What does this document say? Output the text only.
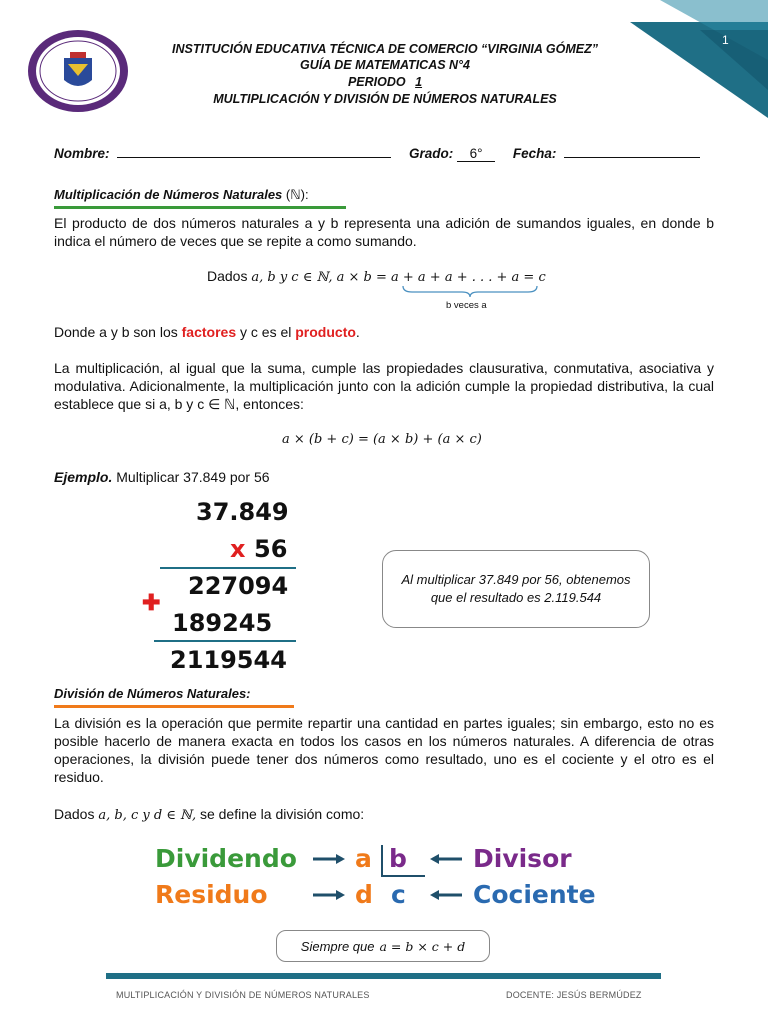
1
INSTITUCIÓN EDUCATIVA TÉCNICA DE COMERCIO “VIRGINIA GÓMEZ”
GUÍA DE MATEMATICAS N°4
PERIODO 1
MULTIPLICACIÓN Y DIVISIÓN DE NÚMEROS NATURALES
Nombre:	Grado: 6° Fecha:
Multiplicación de Números Naturales (ℕ):
El producto de dos números naturales a y b representa una adición de sumandos iguales, en donde b indica el número de veces que se repite a como sumando.
Dados a, b y c ∈ ℕ, a × b = a + a + a + . . . + a = c
b veces a
Donde a y b son los factores y c es el producto.
La multiplicación, al igual que la suma, cumple las propiedades clausurativa, conmutativa, asociativa y modulativa. Adicionalmente, la multiplicación junto con la adición cumple la propiedad distributiva, la cual establece que si a, b y c ∈ ℕ, entonces:
a × (b + c) = (a × b) + (a × c)
Ejemplo. Multiplicar 37.849 por 56
37.849
x 56
227094
✚
189245
2119544
Al multiplicar 37.849 por 56, obtenemos que el resultado es 2.119.544
División de Números Naturales:
La división es la operación que permite repartir una cantidad en partes iguales; sin embargo, esto no es posible hacerlo de manera exacta en todos los casos en los números naturales. A diferencia de otras operaciones, la división puede tener dos números como resultado, uno es el cociente y el otro es el residuo.
Dados a, b, c y d ∈ ℕ, se define la división como:
Dividendo a b	Divisor
Residuo	d c	Cociente
Siempre que a = b × c + d
MULTIPLICACIÓN Y DIVISIÓN DE NÚMEROS NATURALES	DOCENTE: JESÚS BERMÚDEZ
